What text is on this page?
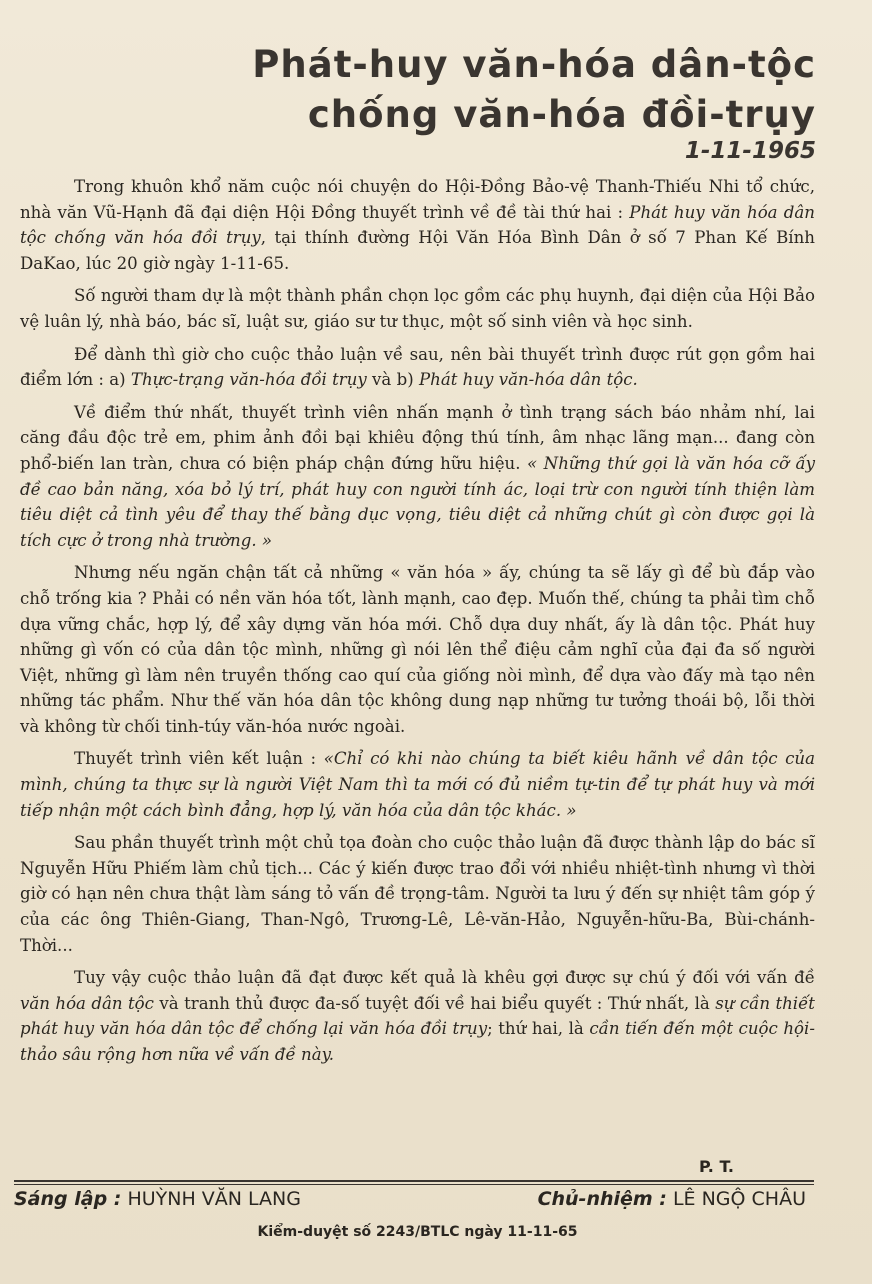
Phát-huy văn-hóa dân-tộc
chống văn-hóa đồi-trụy
1-11-1965

Trong khuôn khổ năm cuộc nói chuyện do Hội-Đồng Bảo-vệ Thanh-Thiếu Nhi tổ chức, nhà văn Vũ-Hạnh đã đại diện Hội Đồng thuyết trình về đề tài thứ hai : Phát huy văn hóa dân tộc chống văn hóa đồi trụy, tại thính đường Hội Văn Hóa Bình Dân ở số 7 Phan Kế Bính DaKao, lúc 20 giờ ngày 1-11-65.

Số người tham dự là một thành phần chọn lọc gồm các phụ huynh, đại diện của Hội Bảo vệ luân lý, nhà báo, bác sĩ, luật sư, giáo sư tư thục, một số sinh viên và học sinh.

Để dành thì giờ cho cuộc thảo luận về sau, nên bài thuyết trình được rút gọn gồm hai điểm lớn : a) Thực-trạng văn-hóa đồi trụy và b) Phát huy văn-hóa dân tộc.

Về điểm thứ nhất, thuyết trình viên nhấn mạnh ở tình trạng sách báo nhảm nhí, lai căng đầu độc trẻ em, phim ảnh đồi bại khiêu động thú tính, âm nhạc lãng mạn... đang còn phổ-biến lan tràn, chưa có biện pháp chận đứng hữu hiệu. « Những thứ gọi là văn hóa cỡ ấy đề cao bản năng, xóa bỏ lý trí, phát huy con người tính ác, loại trừ con người tính thiện làm tiêu diệt cả tình yêu để thay thế bằng dục vọng, tiêu diệt cả những chút gì còn được gọi là tích cực ở trong nhà trường. »

Nhưng nếu ngăn chận tất cả những « văn hóa » ấy, chúng ta sẽ lấy gì để bù đắp vào chỗ trống kia ? Phải có nền văn hóa tốt, lành mạnh, cao đẹp. Muốn thế, chúng ta phải tìm chỗ dựa vững chắc, hợp lý, để xây dựng văn hóa mới. Chỗ dựa duy nhất, ấy là dân tộc. Phát huy những gì vốn có của dân tộc mình, những gì nói lên thể điệu cảm nghĩ của đại đa số người Việt, những gì làm nên truyền thống cao quí của giống nòi mình, để dựa vào đấy mà tạo nên những tác phẩm. Như thế văn hóa dân tộc không dung nạp những tư tưởng thoái bộ, lỗi thời và không từ chối tinh-túy văn-hóa nước ngoài.

Thuyết trình viên kết luận : «Chỉ có khi nào chúng ta biết kiêu hãnh về dân tộc của mình, chúng ta thực sự là người Việt Nam thì ta mới có đủ niềm tự-tin để tự phát huy và mới tiếp nhận một cách bình đẳng, hợp lý, văn hóa của dân tộc khác. »

Sau phần thuyết trình một chủ tọa đoàn cho cuộc thảo luận đã được thành lập do bác sĩ Nguyễn Hữu Phiếm làm chủ tịch... Các ý kiến được trao đổi với nhiều nhiệt-tình nhưng vì thời giờ có hạn nên chưa thật làm sáng tỏ vấn đề trọng-tâm. Người ta lưu ý đến sự nhiệt tâm góp ý của các ông Thiên-Giang, Than-Ngô, Trương-Lê, Lê-văn-Hảo, Nguyễn-hữu-Ba, Bùi-chánh-Thời...

Tuy vậy cuộc thảo luận đã đạt được kết quả là khêu gợi được sự chú ý đối với vấn đề văn hóa dân tộc và tranh thủ được đa-số tuyệt đối về hai biểu quyết : Thứ nhất, là sự cần thiết phát huy văn hóa dân tộc để chống lại văn hóa đồi trụy; thứ hai, là cần tiến đến một cuộc hội-thảo sâu rộng hơn nữa về vấn đề này.

P. T.
Sáng lập : HUỲNH VĂN LANG	Chủ-nhiệm : LÊ NGỘ CHÂU
Kiểm-duyệt số 2243/BTLC ngày 11-11-65
